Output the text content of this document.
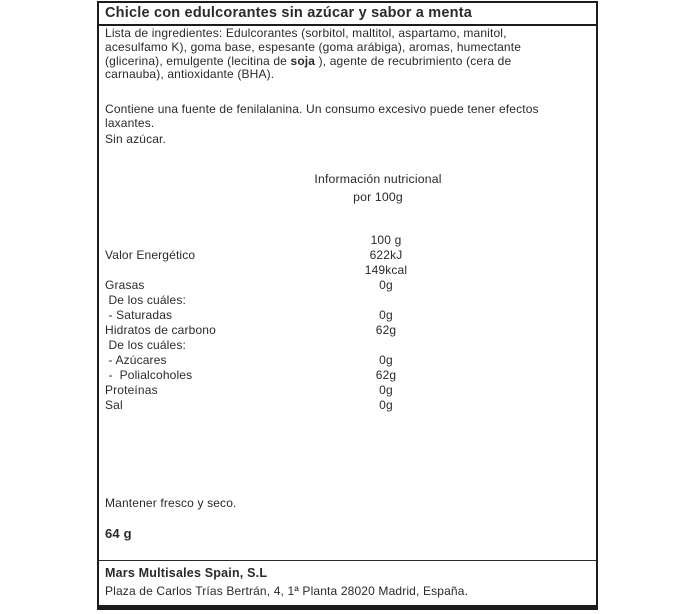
Chicle con edulcorantes sin azúcar y sabor a menta
Lista de ingredientes: Edulcorantes (sorbitol, maltitol, aspartamo, manitol,
acesulfamo K), goma base, espesante (goma arábiga), aromas, humectante
(glicerina), emulgente (lecitina de soja ), agente de recubrimiento (cera de
carnauba), antioxidante (BHA).
Contiene una fuente de fenilalanina. Un consumo excesivo puede tener efectos
laxantes.
Sin azúcar.
Información nutricional
por 100g
100 g
Valor Energético	622kJ
149kcal
Grasas	0g
De los cuáles:
- Saturadas	0g
Hidratos de carbono	62g
De los cuáles:
- Azúcares	0g
-  Polialcoholes	62g
Proteínas	0g
Sal	0g
Mantener fresco y seco.
64 g
Mars Multisales Spain, S.L
Plaza de Carlos Trías Bertrán, 4, 1ª Planta 28020 Madrid, España.
